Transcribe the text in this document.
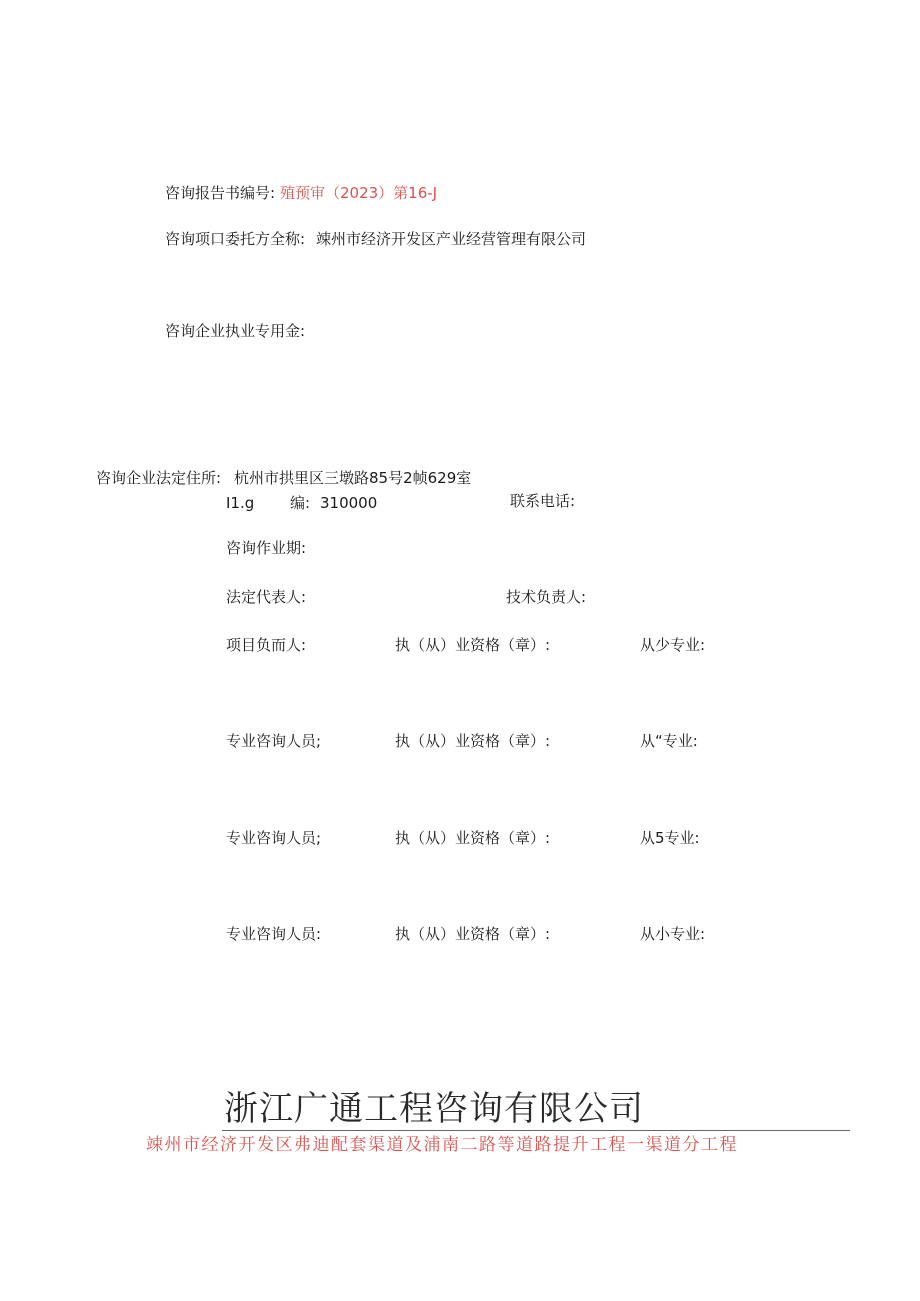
咨询报告书编号: 殖预审（2023）第16-J
咨询项口委托方全称: 竦州市经济开发区产业经营管理有限公司
咨询企业执业专用金:
咨询企业法定住所: 杭州市拱里区三墩路85号2帧629室
I1.g 编: 310000	联系电话:
咨询作业期:
法定代表人:	技术负责人:
项目负而人:	执（从）业资格（章）:	从少专业:
专业咨询人员;	执（从）业资格（章）:	从“专业:
专业咨询人员;	执（从）业资格（章）:	从5专业:
专业咨询人员:	执（从）业资格（章）:	从小专业:
浙江广通工程咨询有限公司
竦州市经济开发区弗迪配套渠道及浦南二路等道路提升工程一渠道分工程
